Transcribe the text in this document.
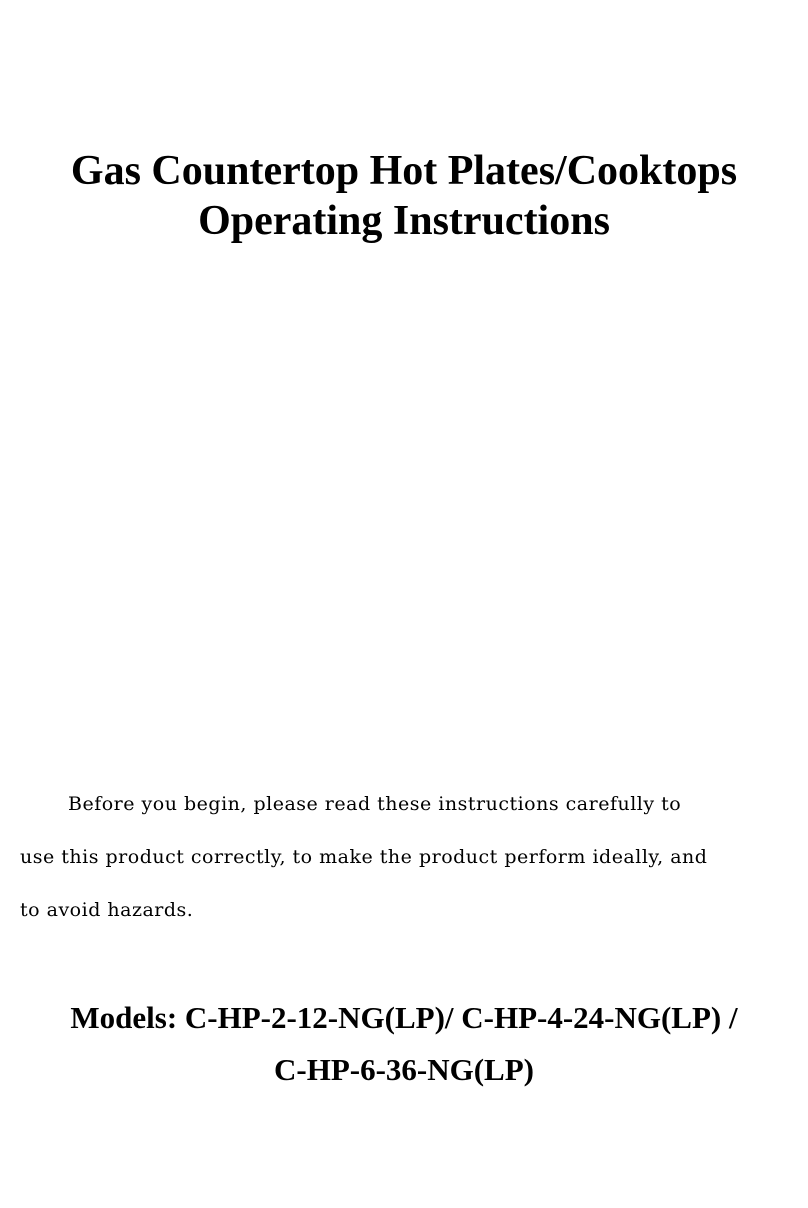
Gas Countertop Hot Plates/Cooktops
Operating Instructions
Before you begin, please read these instructions carefully to
use this product correctly, to make the product perform ideally, and
to avoid hazards.
Models: C-HP-2-12-NG(LP)/ C-HP-4-24-NG(LP) /
C-HP-6-36-NG(LP)
